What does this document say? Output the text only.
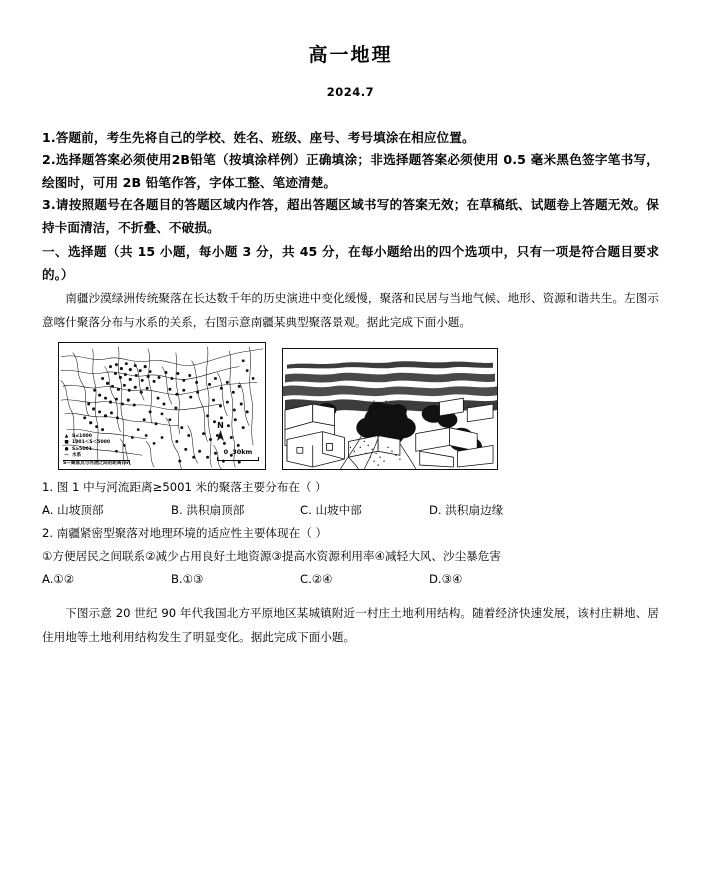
高一地理
2024.7
1.答题前，考生先将自己的学校、姓名、班级、座号、考号填涂在相应位置。
2.选择题答案必须使用2B铅笔（按填涂样例）正确填涂；非选择题答案必须使用 0.5 毫米黑色签字笔书写，绘图时，可用 2B 铅笔作答，字体工整、笔迹清楚。
3.请按照题号在各题目的答题区域内作答，超出答题区域书写的答案无效；在草稿纸、试题卷上答题无效。保持卡面清洁，不折叠、不破损。
一、选择题（共 15 小题，每小题 3 分，共 45 分，在每小题给出的四个选项中，只有一项是符合题目要求的。）

南疆沙漠绿洲传统聚落在长达数千年的历史演进中变化缓慢，聚落和民居与当地气候、地形、资源和谐共生。左图示意喀什聚落分布与水系的关系，右图示意南疆某典型聚落景观。据此完成下面小题。

▲ S≤1000
■ 1001＜S＜5000
● S≥5001
— 水系
S—聚落点与河流之间的距离(m)
N
0 30km

1. 图 1 中与河流距离≥5001 米的聚落主要分布在（ ）

A. 山坡顶部	B. 洪积扇顶部	C. 山坡中部	D. 洪积扇边缘

2. 南疆紧密型聚落对地理环境的适应性主要体现在（ ）

①方便居民之间联系②减少占用良好土地资源③提高水资源利用率④减轻大风、沙尘暴危害

A.①②	B.①③	C.②④	D.③④

下图示意 20 世纪 90 年代我国北方平原地区某城镇附近一村庄土地利用结构。随着经济快速发展，该村庄耕地、居住用地等土地利用结构发生了明显变化。据此完成下面小题。
